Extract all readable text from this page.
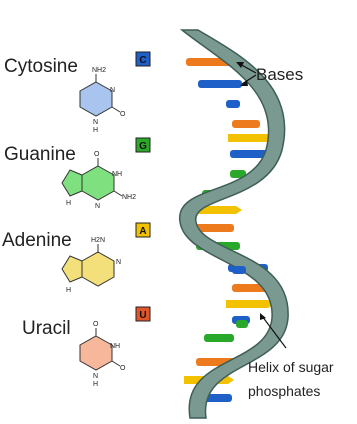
Cytosine
Guanine
Adenine
Uracil
C
G
A
U
NH2
N
O
N
H
O
NH
NH2
N
H
H2N
N
H
O
NH
O
N
H
Bases
Helix of sugar
phosphates
